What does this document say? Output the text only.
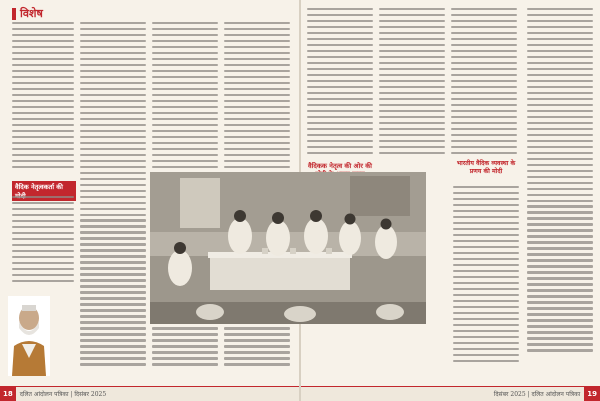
विशेष
वैदिक नेतृत्वकर्ता की
18	दलित आंदोलन पत्रिका | दिसंबर 2025
वैदिकक नेतृत्व की ओर की	भारतीय वैदिक व्यवस्था के प्रणय की मोदी
दिसंबर 2025 | दलित आंदोलन पत्रिका	19
